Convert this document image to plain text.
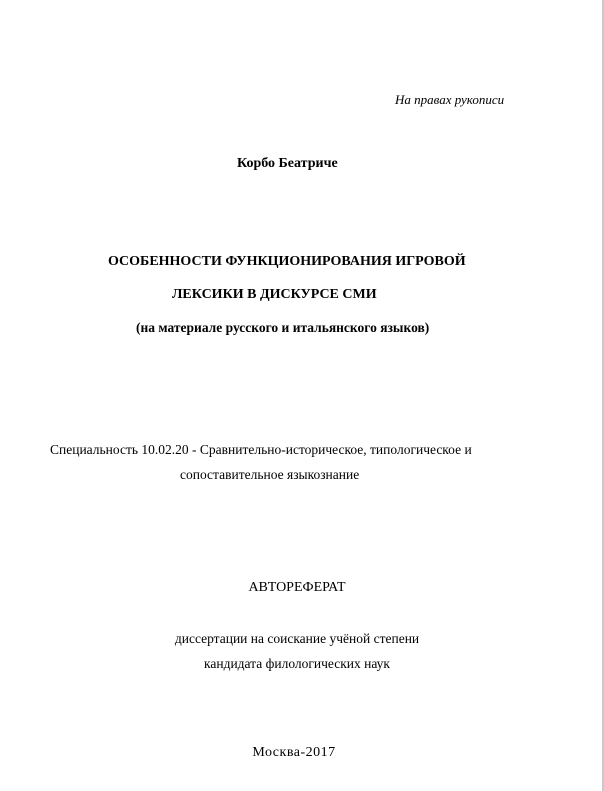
На правах рукописи
Корбо Беатриче
ОСОБЕННОСТИ ФУНКЦИОНИРОВАНИЯ ИГРОВОЙ
ЛЕКСИКИ В ДИСКУРСЕ СМИ
(на материале русского и итальянского языков)
Специальность 10.02.20 - Сравнительно-историческое, типологическое и
сопоставительное языкознание
АВТОРЕФЕРАТ
диссертации на соискание учёной степени
кандидата филологических наук
Москва-2017
